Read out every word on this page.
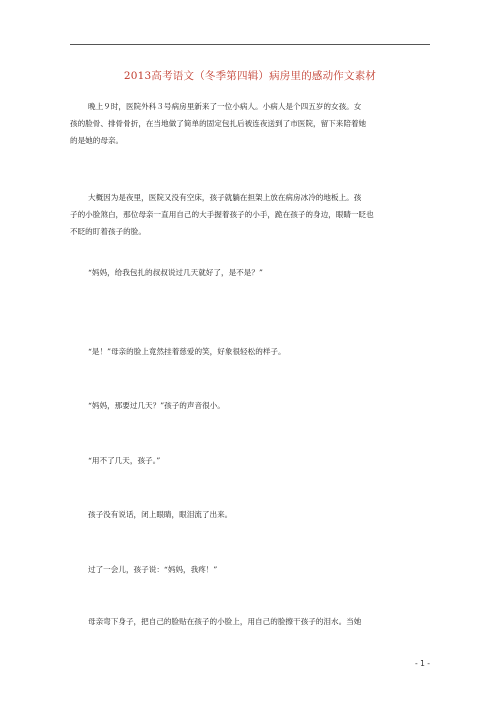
2013高考语文（冬季第四辑）病房里的感动作文素材
晚上９时，医院外科３号病房里新来了一位小病人。小病人是个四五岁的女孩。女
孩的脸骨、排骨骨折，在当地做了简单的固定包扎后被连夜送到了市医院，留下来陪着她
的是她的母亲。
大概因为是夜里，医院又没有空床，孩子就躺在担架上放在病房冰冷的地板上。孩
子的小脸煞白，那位母亲一直用自己的大手握着孩子的小手，跪在孩子的身边，眼睛一眨也
不眨的盯着孩子的脸。
“妈妈，给我包扎的叔叔说过几天就好了，是不是？”
“是！”母亲的脸上竟然挂着慈爱的笑，好象很轻松的样子。
“妈妈，那要过几天？”孩子的声音很小。
“用不了几天，孩子。”
孩子没有说话，闭上眼睛，眼泪流了出来。
过了一会儿，孩子说：“妈妈，我疼！”
母亲弯下身子，把自己的脸贴在孩子的小脸上，用自己的脸擦干孩子的泪水。当她
- 1 -
